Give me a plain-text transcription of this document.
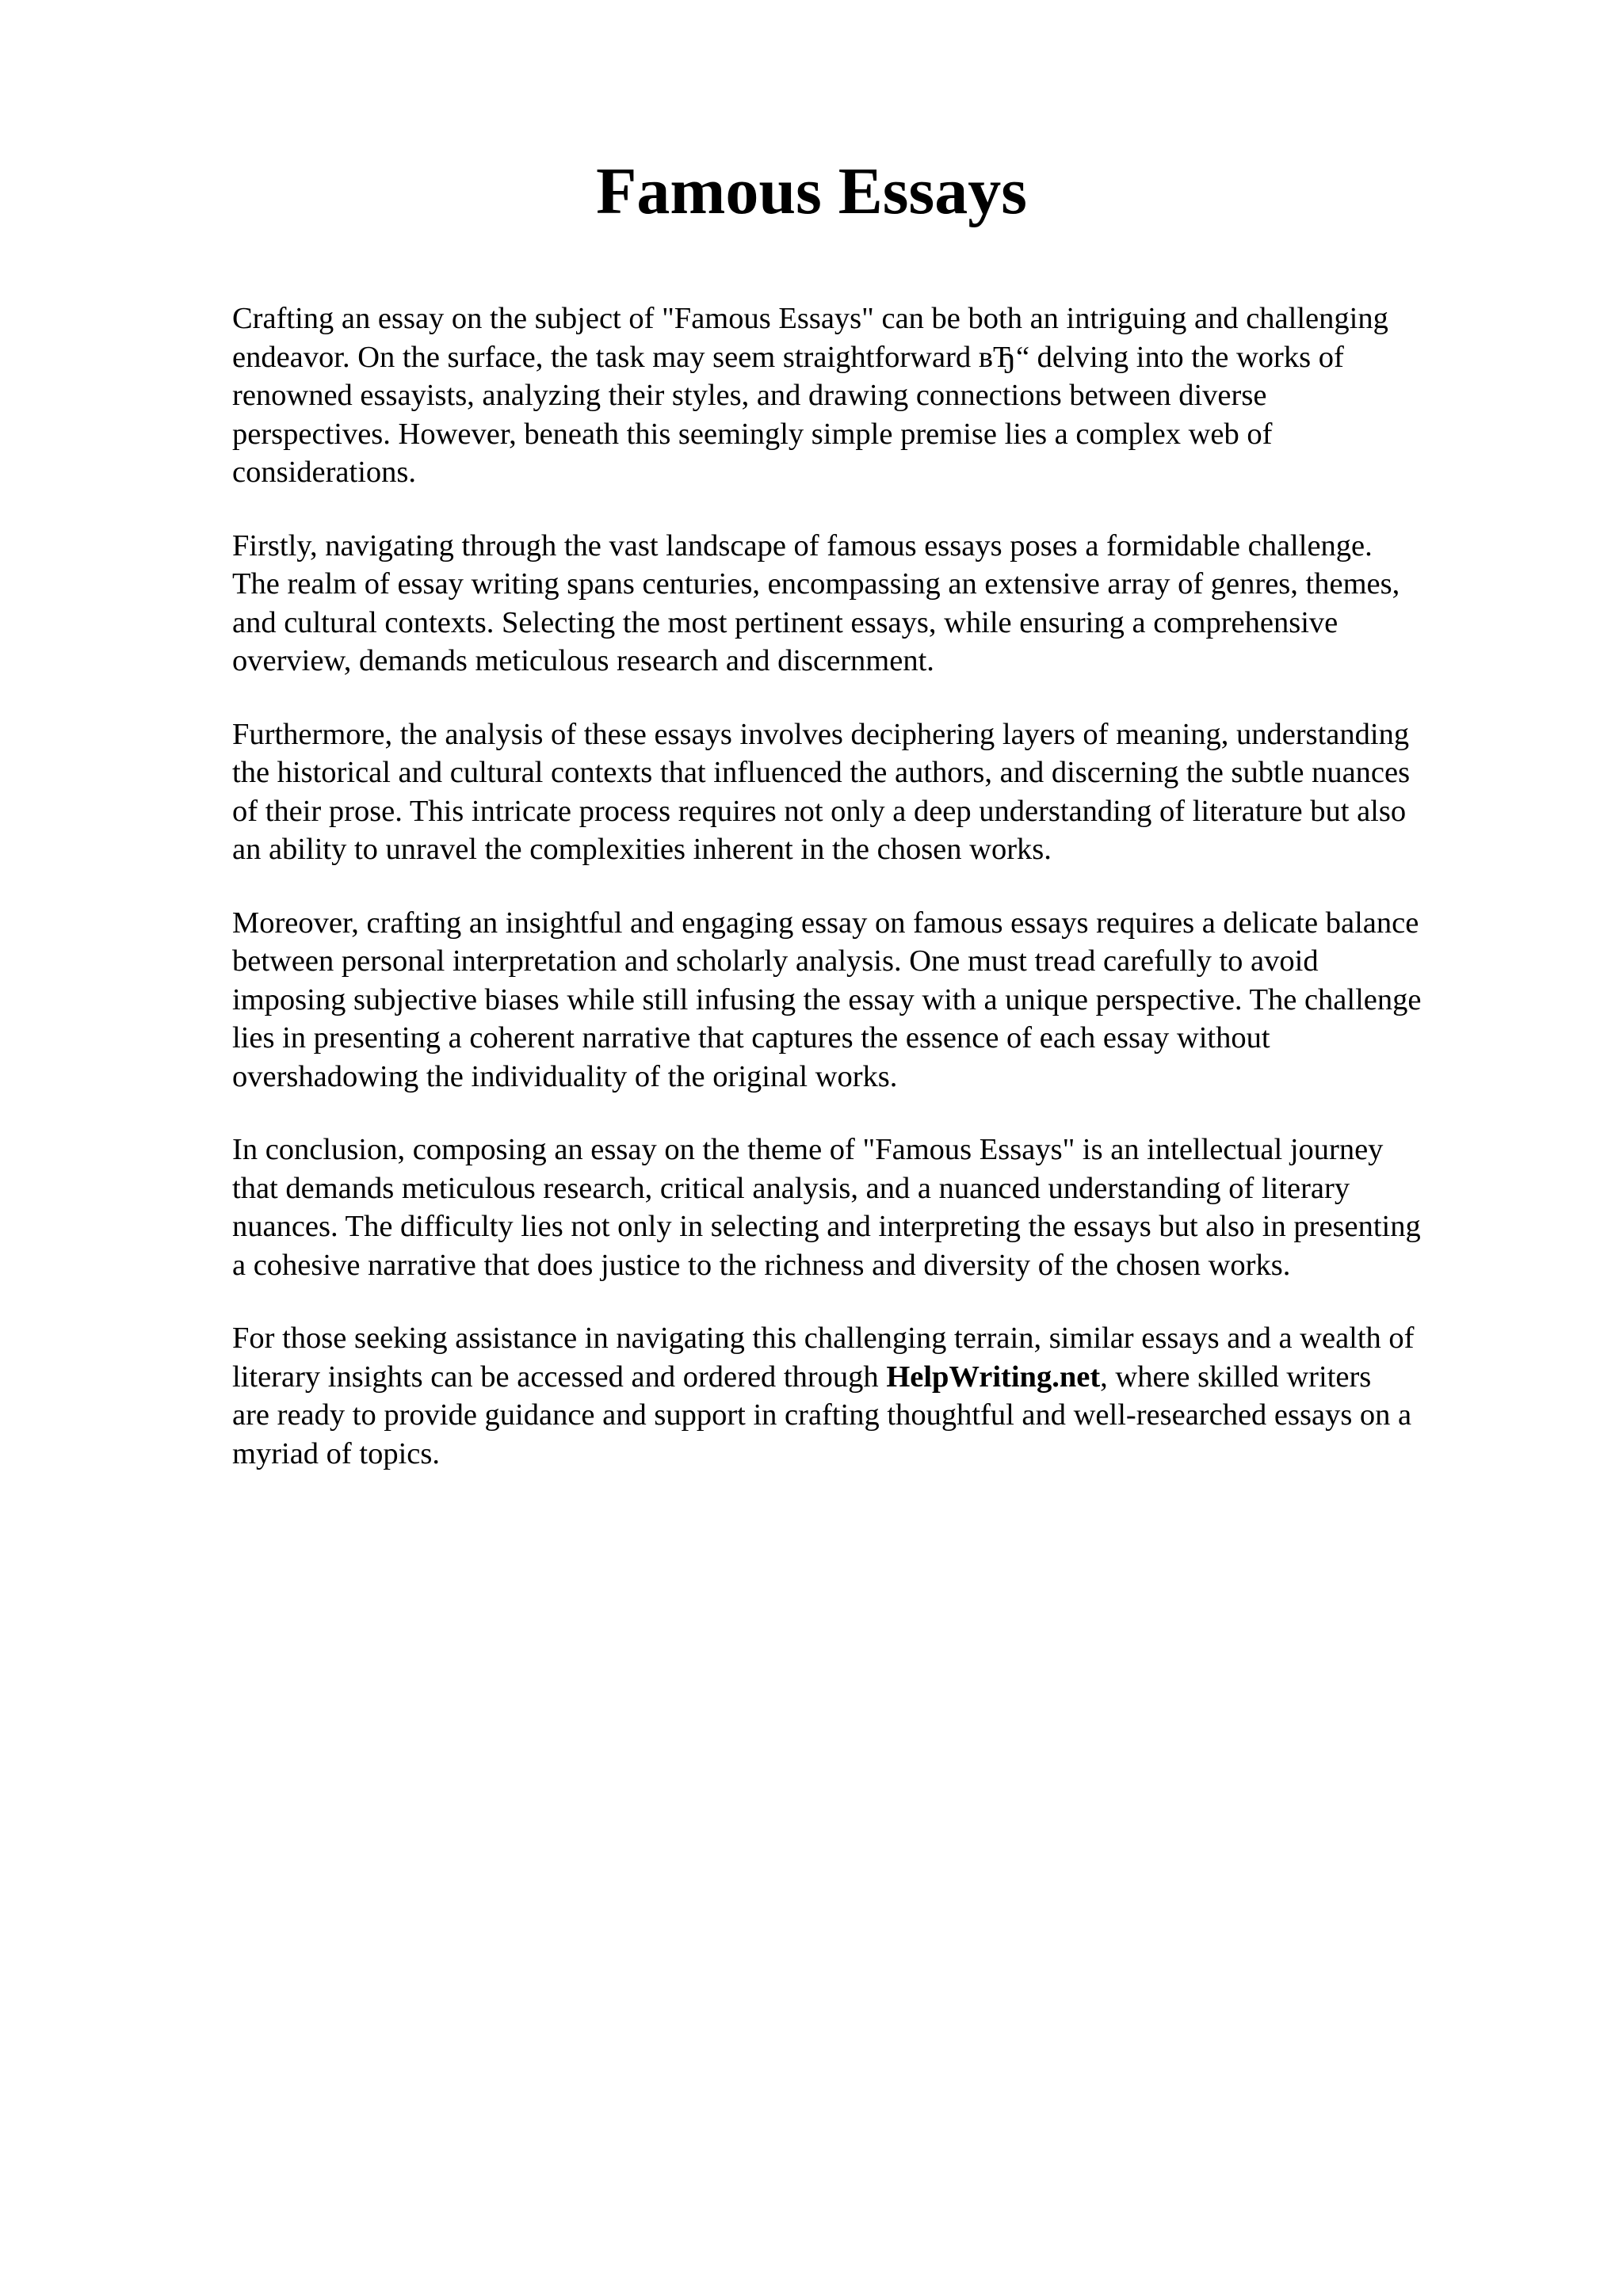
Famous Essays

Crafting an essay on the subject of "Famous Essays" can be both an intriguing and challenging
endeavor. On the surface, the task may seem straightforward вЂ“ delving into the works of
renowned essayists, analyzing their styles, and drawing connections between diverse
perspectives. However, beneath this seemingly simple premise lies a complex web of
considerations.

Firstly, navigating through the vast landscape of famous essays poses a formidable challenge.
The realm of essay writing spans centuries, encompassing an extensive array of genres, themes,
and cultural contexts. Selecting the most pertinent essays, while ensuring a comprehensive
overview, demands meticulous research and discernment.

Furthermore, the analysis of these essays involves deciphering layers of meaning, understanding
the historical and cultural contexts that influenced the authors, and discerning the subtle nuances
of their prose. This intricate process requires not only a deep understanding of literature but also
an ability to unravel the complexities inherent in the chosen works.

Moreover, crafting an insightful and engaging essay on famous essays requires a delicate balance
between personal interpretation and scholarly analysis. One must tread carefully to avoid
imposing subjective biases while still infusing the essay with a unique perspective. The challenge
lies in presenting a coherent narrative that captures the essence of each essay without
overshadowing the individuality of the original works.

In conclusion, composing an essay on the theme of "Famous Essays" is an intellectual journey
that demands meticulous research, critical analysis, and a nuanced understanding of literary
nuances. The difficulty lies not only in selecting and interpreting the essays but also in presenting
a cohesive narrative that does justice to the richness and diversity of the chosen works.

For those seeking assistance in navigating this challenging terrain, similar essays and a wealth of
literary insights can be accessed and ordered through HelpWriting.net, where skilled writers
are ready to provide guidance and support in crafting thoughtful and well-researched essays on a
myriad of topics.
